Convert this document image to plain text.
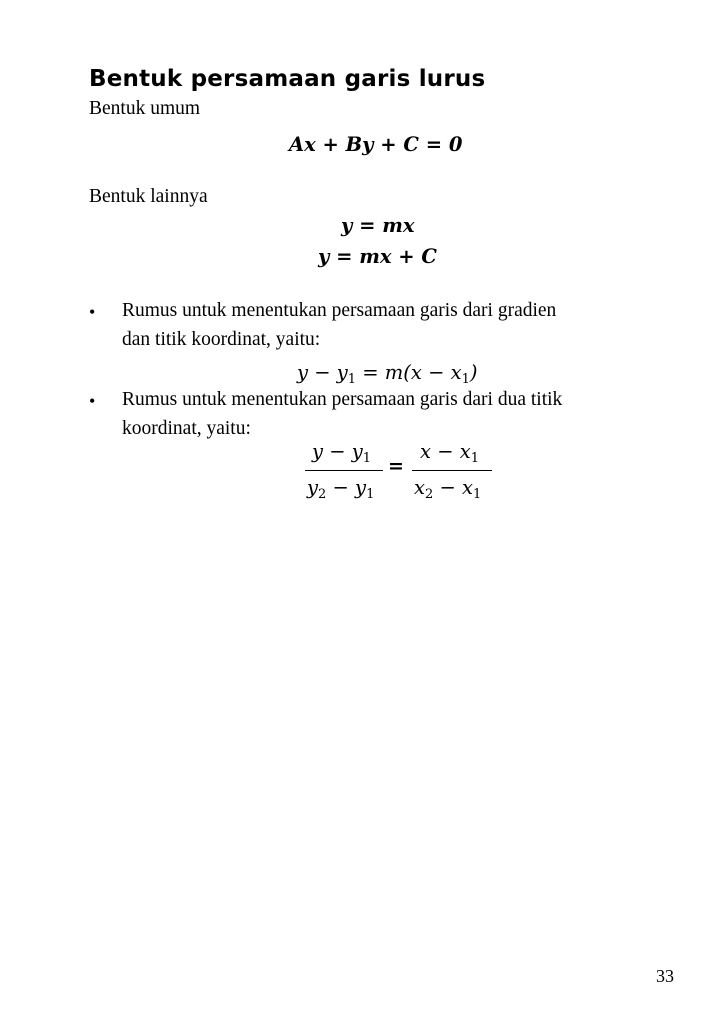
Bentuk persamaan garis lurus
Bentuk umum
Ax + By + C = 0
Bentuk lainnya
y = mx
y = mx + C
• Rumus untuk menentukan persamaan garis dari gradien
dan titik koordinat, yaitu:
$y - y_1 = m(x - x_1)$
• Rumus untuk menentukan persamaan garis dari dua titik
koordinat, yaitu:
$y - y_1$
$y_2 - y_1$
=
$x - x_1$
$x_2 - x_1$
33
